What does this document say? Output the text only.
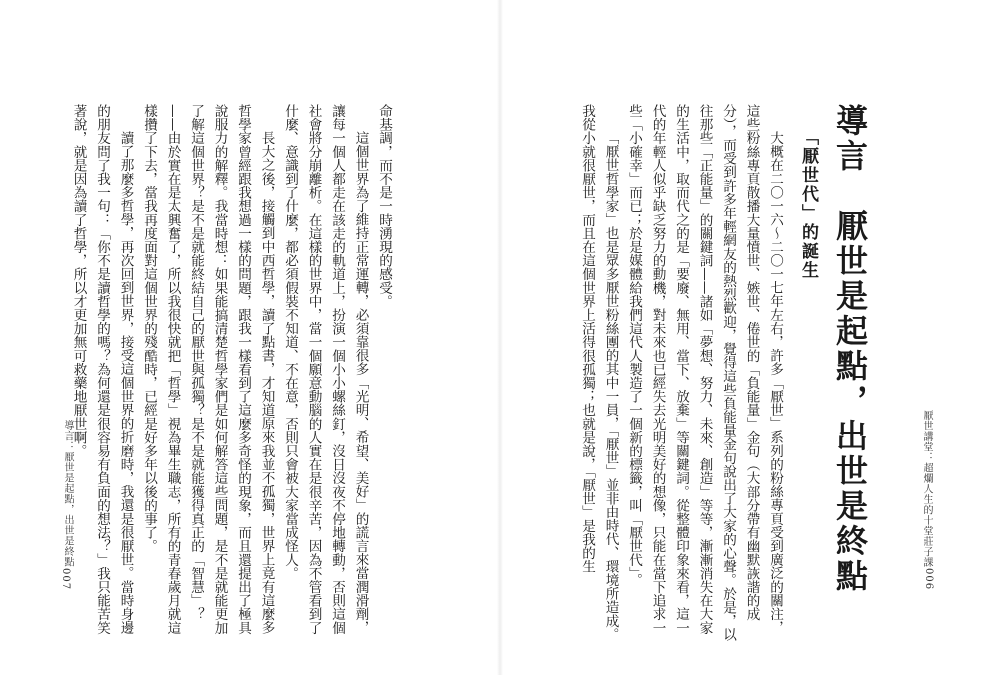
厭世講堂：超爛人生的十堂莊子課
006
導言　厭世是起點，出世是終點
「厭世代」的誕生

大概在二〇一六～二〇一七年左右，許多「厭世」系列的粉絲專頁受到廣泛的關注，這些粉絲專頁散播大量憤世、嫉世、倦世的「負能量」金句（大部分帶有幽默詼諧的成分），而受到許多年輕網友的熱烈歡迎，覺得這些負能量金句說出了大家的心聲。於是，以往那些「正能量」的關鍵詞——諸如「夢想、努力、未來、創造」等等，漸漸消失在大家的生活中，取而代之的是「要廢、無用、當下、放棄」等關鍵詞。從整體印象來看，這一代的年輕人似乎缺乏努力的動機，對未來也已經失去光明美好的想像，只能在當下追求一些「小確幸」而已；於是媒體給我們這代人製造了一個新的標籤，叫「厭世代」。

「厭世哲學家」也是眾多厭世粉絲團的其中一員，「厭世」並非由時代、環境所造成。我從小就很厭世，而且在這個世界上活得很孤獨；也就是說，「厭世」是我的生

命基調，而不是一時湧現的感受。

這個世界為了維持正常運轉，必須靠很多「光明、希望、美好」的謊言來當潤滑劑，讓每一個人都走在該走的軌道上，扮演一個小小螺絲釘，沒日沒夜不停地轉動，否則這個社會將分崩離析。在這樣的世界中，當一個願意動腦的人實在是很辛苦，因為不管看到了什麼、意識到了什麼，都必須假裝不知道、不在意，否則只會被大家當成怪人。

長大之後，接觸到中西哲學，讀了點書，才知道原來我並不孤獨，世界上竟有這麼多哲學家曾經跟我想過一樣的問題，跟我一樣看到了這麼多奇怪的現象，而且還提出了極具說服力的解釋。我當時想：如果能搞清楚哲學家們是如何解答這些問題，是不是就能更加了解這個世界？是不是就能終結自己的厭世與孤獨？是不是就能獲得真正的「智慧」？——由於實在是太興奮了，所以我很快就把「哲學」視為畢生職志，所有的青春歲月就這樣攢了下去，當我再度面對這個世界的殘酷時，已經是好多年以後的事了。

讀了那麼多哲學，再次回到世界，接受這個世界的折磨時，我還是很厭世。當時身邊的朋友問了我一句：「你不是讀哲學的嗎？為何還是很容易有負面的想法？」我只能苦笑著說，就是因為讀了哲學，所以才更加無可救藥地厭世啊。

導言：厭世是起點，出世是終點
007
